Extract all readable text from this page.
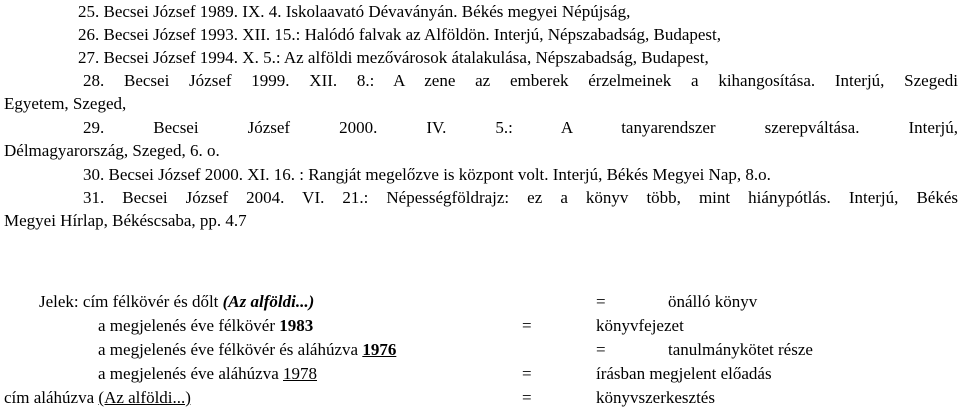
25. Becsei József 1989. IX. 4. Iskolaavató Dévaványán. Békés megyei Népújság,
26. Becsei József 1993. XII. 15.: Halódó falvak az Alföldön. Interjú, Népszabadság, Budapest,
27. Becsei József 1994. X. 5.: Az alföldi mezővárosok átalakulása, Népszabadság, Budapest,
28. Becsei József 1999. XII. 8.: A zene az emberek érzelmeinek a kihangosítása. Interjú, Szegedi
Egyetem, Szeged,
29.	Becsei József 2000. IV. 5.: A tanyarendszer szerepváltása. Interjú,
Délmagyarország, Szeged, 6. o.
30. Becsei József 2000. XI. 16. : Rangját megelőzve is központ volt. Interjú, Békés Megyei Nap, 8.o.
31. Becsei József 2004. VI. 21.: Népességföldrajz: ez a könyv több, mint hiánypótlás. Interjú, Békés
Megyei Hírlap, Békéscsaba, pp. 4.7
Jelek: cím félkövér és dőlt (Az alföldi...)	=	önálló könyv
a megjelenés éve félkövér 1983	=	könyvfejezet
a megjelenés éve félkövér és aláhúzva 1976	=	tanulmánykötet része
a megjelenés éve aláhúzva 1978	=	írásban megjelent előadás
cím aláhúzva (Az alföldi...)	=	könyvszerkesztés
